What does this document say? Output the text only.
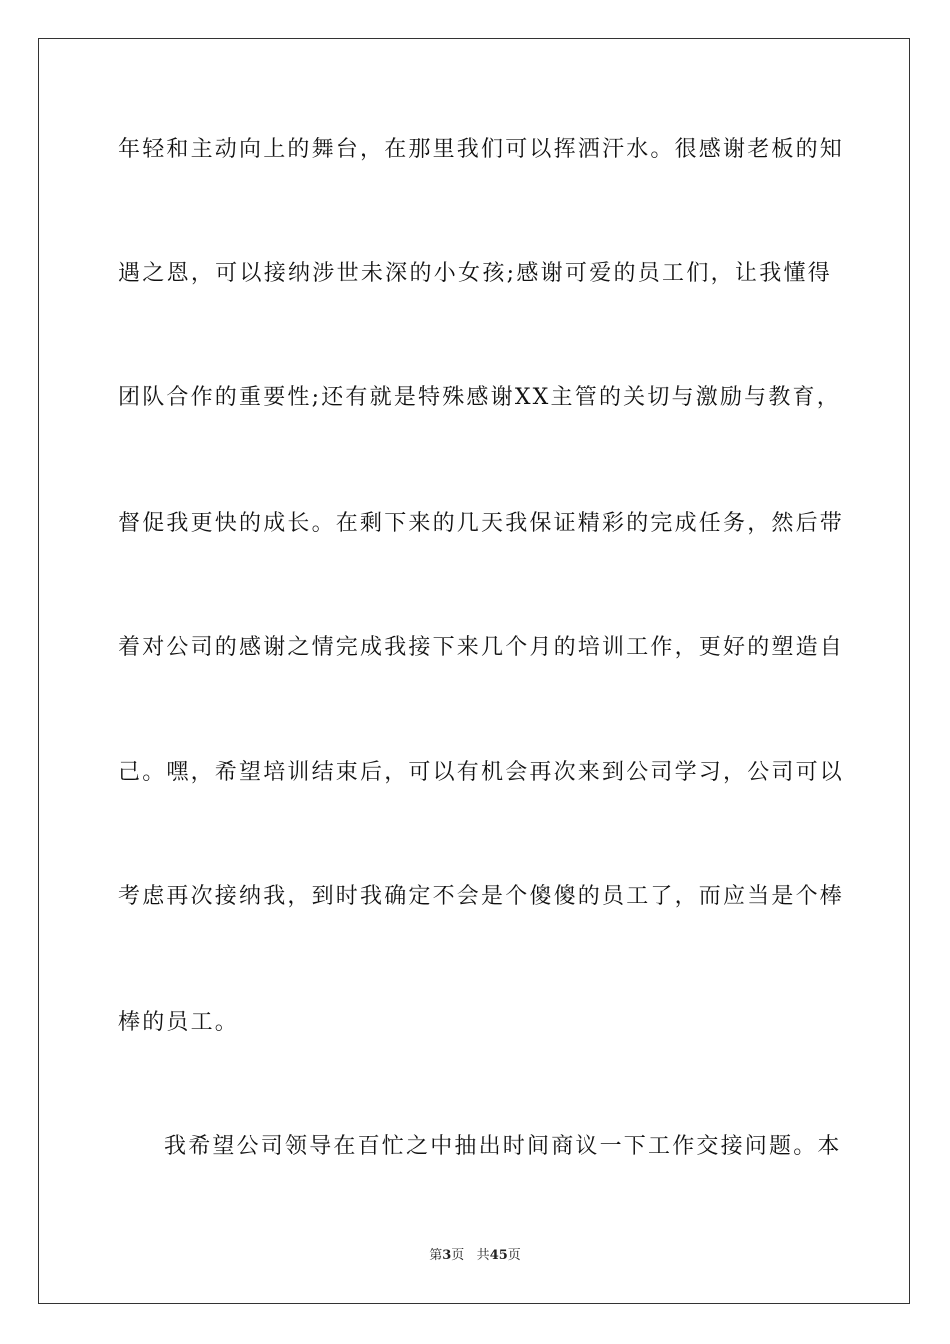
年轻和主动向上的舞台，在那里我们可以挥洒汗水。很感谢老板的知
遇之恩，可以接纳涉世未深的小女孩;感谢可爱的员工们，让我懂得
团队合作的重要性;还有就是特殊感谢XX主管的关切与激励与教育，
督促我更快的成长。在剩下来的几天我保证精彩的完成任务，然后带
着对公司的感谢之情完成我接下来几个月的培训工作，更好的塑造自
己。嘿，希望培训结束后，可以有机会再次来到公司学习，公司可以
考虑再次接纳我，到时我确定不会是个傻傻的员工了，而应当是个棒
棒的员工。
我希望公司领导在百忙之中抽出时间商议一下工作交接问题。本
第3页 共45页
